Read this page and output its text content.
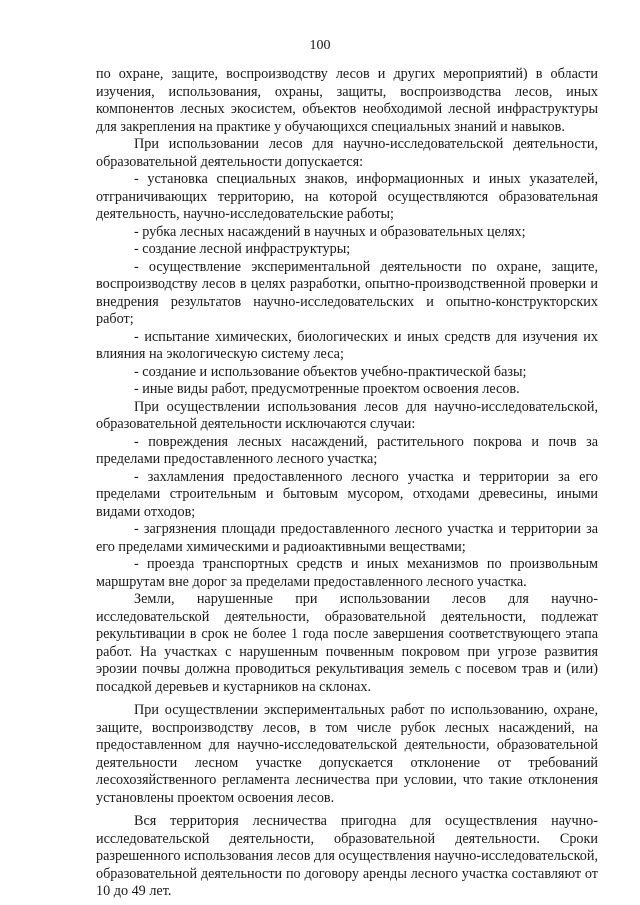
100

по охране, защите, воспроизводству лесов и других мероприятий) в области изучения, использования, охраны, защиты, воспроизводства лесов, иных компонентов лесных экосистем, объектов необходимой лесной инфраструктуры для закрепления на практике у обучающихся специальных знаний и навыков.

При использовании лесов для научно-исследовательской деятельности, образовательной деятельности допускается:

- установка специальных знаков, информационных и иных указателей, отграничивающих территорию, на которой осуществляются образовательная деятельность, научно-исследовательские работы;

- рубка лесных насаждений в научных и образовательных целях;

- создание лесной инфраструктуры;

- осуществление экспериментальной деятельности по охране, защите, воспроизводству лесов в целях разработки, опытно-производственной проверки и внедрения результатов научно-исследовательских и опытно-конструкторских работ;

- испытание химических, биологических и иных средств для изучения их влияния на экологическую систему леса;

- создание и использование объектов учебно-практической базы;

- иные виды работ, предусмотренные проектом освоения лесов.

При осуществлении использования лесов для научно-исследовательской, образовательной деятельности исключаются случаи:

- повреждения лесных насаждений, растительного покрова и почв за пределами предоставленного лесного участка;

- захламления предоставленного лесного участка и территории за его пределами строительным и бытовым мусором, отходами древесины, иными видами отходов;

- загрязнения площади предоставленного лесного участка и территории за его пределами химическими и радиоактивными веществами;

- проезда транспортных средств и иных механизмов по произвольным маршрутам вне дорог за пределами предоставленного лесного участка.

Земли, нарушенные при использовании лесов для научно-исследовательской деятельности, образовательной деятельности, подлежат рекультивации в срок не более 1 года после завершения соответствующего этапа работ. На участках с нарушенным почвенным покровом при угрозе развития эрозии почвы должна проводиться рекультивация земель с посевом трав и (или) посадкой деревьев и кустарников на склонах.

При осуществлении экспериментальных работ по использованию, охране, защите, воспроизводству лесов, в том числе рубок лесных насаждений, на предоставленном для научно-исследовательской деятельности, образовательной деятельности лесном участке допускается отклонение от требований лесохозяйственного регламента лесничества при условии, что такие отклонения установлены проектом освоения лесов.

Вся территория лесничества пригодна для осуществления научно-исследовательской деятельности, образовательной деятельности. Сроки разрешенного использования лесов для осуществления научно-исследовательской, образовательной деятельности по договору аренды лесного участка составляют от 10 до 49 лет.
